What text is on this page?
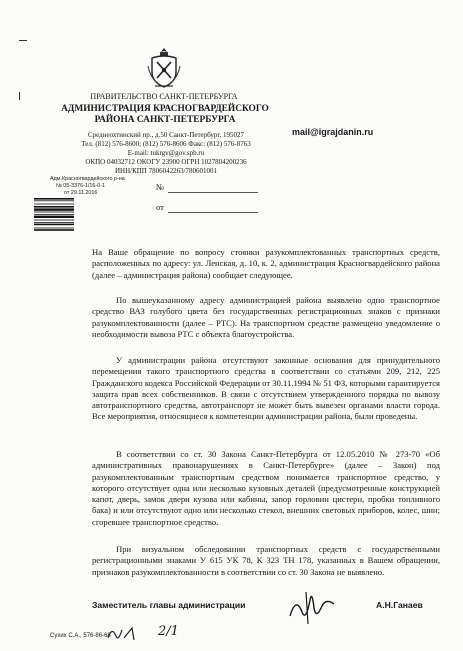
ПРАВИТЕЛЬСТВО САНКТ-ПЕТЕРБУРГА
АДМИНИСТРАЦИЯ КРАСНОГВАРДЕЙСКОГО
РАЙОНА САНКТ-ПЕТЕРБУРГА
Среднеохтинский пр., д.50 Санкт-Петербург, 195027
Тел. (812) 576-8600; (812) 576-8606 Факс: (812) 576-8763
E-mail: tukrgv@gov.spb.ru
ОКПО 04032712 ОКОГУ 23900 ОГРН 1027804200236
ИНН/КПП 7806042263/780601001
mail@igrajdanin.ru
Адм.Красногвардейского р-на
№ 05-3376-1/16-0-1
от 29.11.2016
№
от

На Ваше обращение по вопросу стоянки разукомплектованных транспортных средств, расположенных по адресу: ул. Ленская, д. 10, к. 2, администрация Красногвардейского района (далее – администрация района) сообщает следующее.

По вышеуказанному адресу администрацией района выявлено одно транспортное средство ВАЗ голубого цвета без государственных регистрационных знаков с признаки разукомплектованности (далее – РТС). На транспортном средстве размещено уведомление о необходимости вывоза РТС с объекта благоустройства.

У администрации района отсутствуют законные основания для принудительного перемещения такого транспортного средства в соответствии со статьями 209, 212, 225 Гражданского кодекса Российской Федерации от 30.11.1994 № 51 ФЗ, которыми гарантируется защита прав всех собственников. В связи с отсутствием утвержденного порядка по вывозу автотранспортного средства, автотранспорт не может быть вывезен органами власти города. Все мероприятия, относящиеся к компетенции администрации района, были проведены.

В соответствии со ст. 30 Закона Санкт-Петербурга от 12.05.2010 № 273-70 «Об административных правонарушениях в Санкт-Петербурге» (далее – Закон) под разукомплектованным транспортным средством понимается транспортное средство, у которого отсутствует одна или несколько кузовных деталей (предусмотренные конструкцией капот, дверь, замок двери кузова или кабины, запор горловин цистерн, пробки топливного бака) и или отсутствуют одно или несколько стекол, внешних световых приборов, колес, шин; сгоревшее транспортное средство.

При визуальном обследовании транспортных средств с государственными регистрационными знаками У 615 УК 78, К 323 ТН 178, указанных в Вашем обращении, признаков разукомплектованности в соответствии со ст. 30 Закона не выявлено.

Заместитель главы администрации	А.Н.Ганаев
Сухих С.А., 576-86-68	2/1
